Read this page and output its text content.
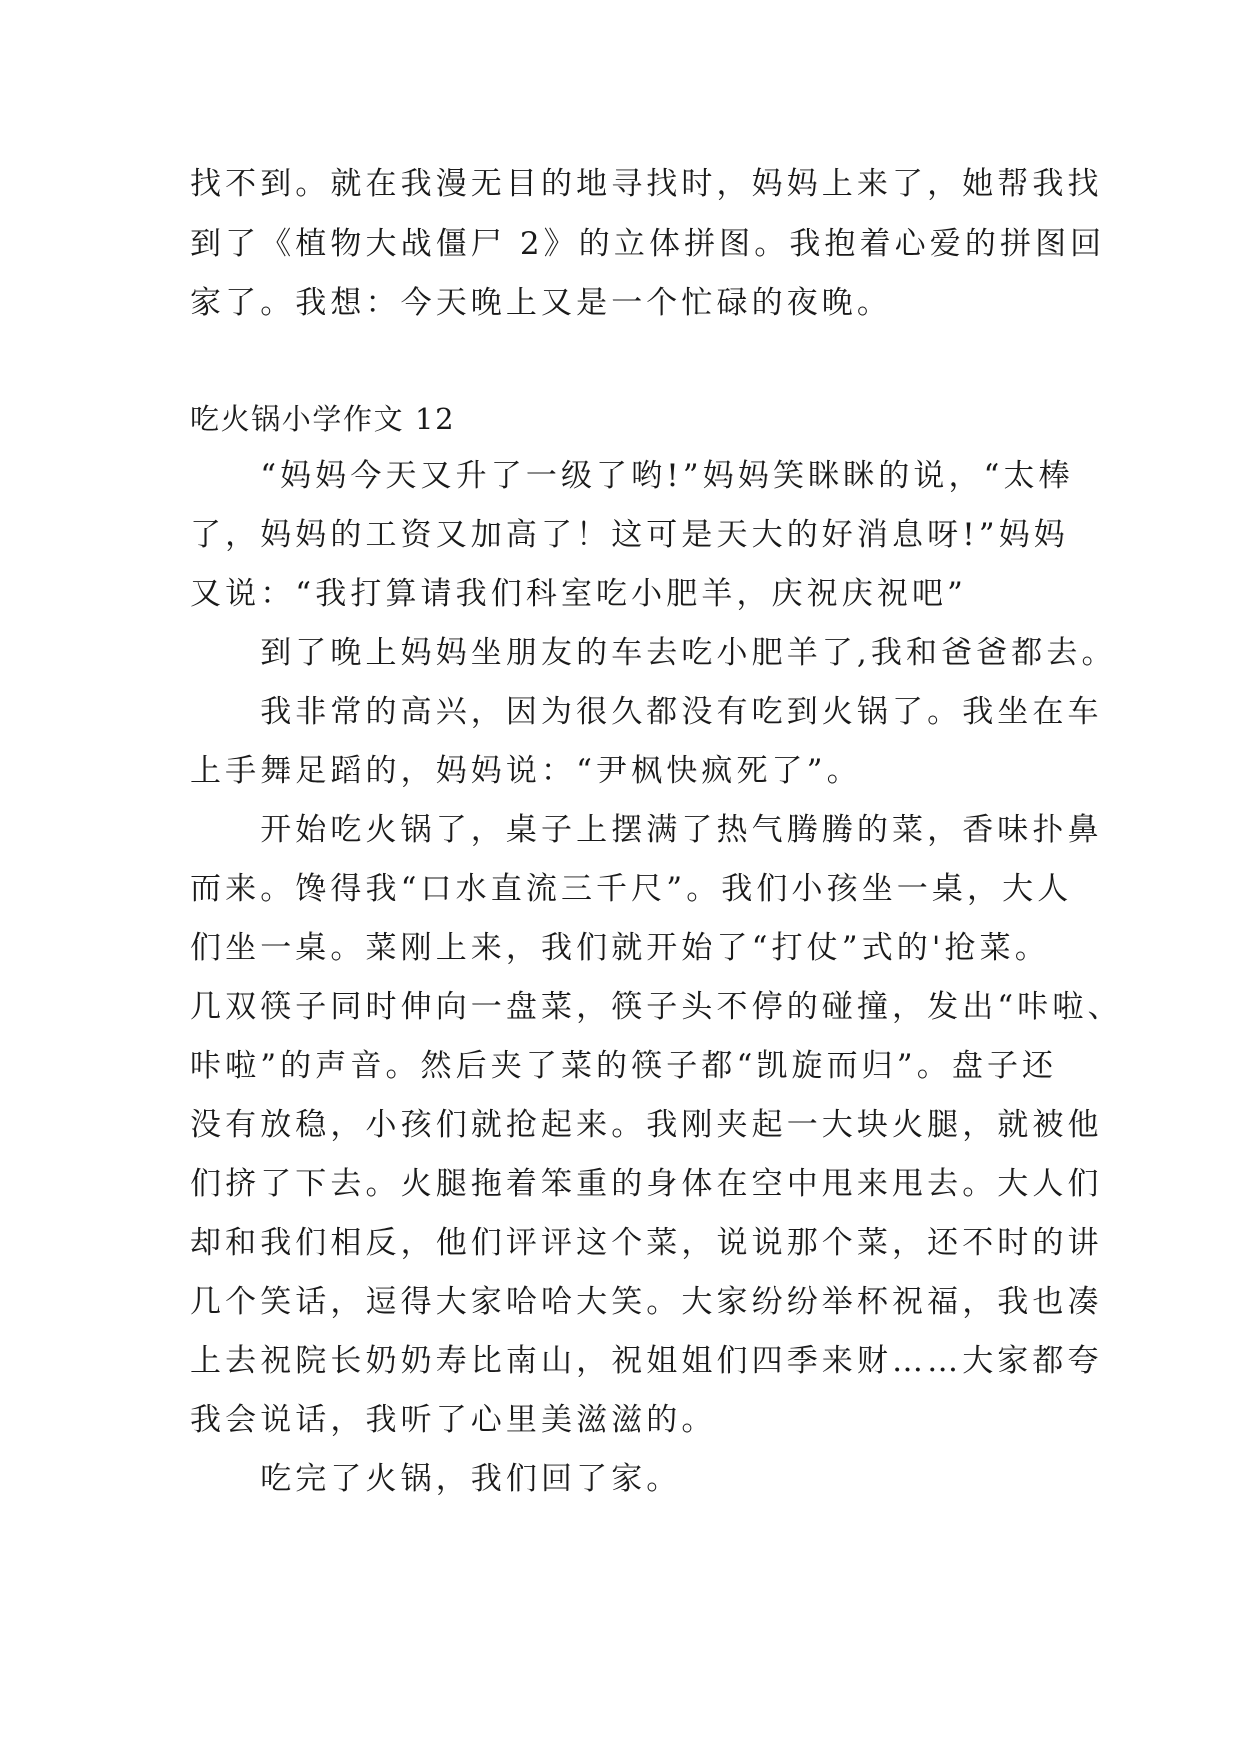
找不到。就在我漫无目的地寻找时，妈妈上来了，她帮我找
到了《植物大战僵尸 2》的立体拼图。我抱着心爱的拼图回
家了。我想：今天晚上又是一个忙碌的夜晚。
吃火锅小学作文 12
　　“妈妈今天又升了一级了哟!”妈妈笑眯眯的说，“太棒
了，妈妈的工资又加高了！这可是天大的好消息呀!”妈妈
又说：“我打算请我们科室吃小肥羊，庆祝庆祝吧”
　　到了晚上妈妈坐朋友的车去吃小肥羊了,我和爸爸都去。
　　我非常的高兴，因为很久都没有吃到火锅了。我坐在车
上手舞足蹈的，妈妈说：“尹枫快疯死了”。
　　开始吃火锅了，桌子上摆满了热气腾腾的菜，香味扑鼻
而来。馋得我“口水直流三千尺”。我们小孩坐一桌，大人
们坐一桌。菜刚上来，我们就开始了“打仗”式的'抢菜。
几双筷子同时伸向一盘菜，筷子头不停的碰撞，发出“咔啦、
咔啦”的声音。然后夹了菜的筷子都“凯旋而归”。盘子还
没有放稳，小孩们就抢起来。我刚夹起一大块火腿，就被他
们挤了下去。火腿拖着笨重的身体在空中甩来甩去。大人们
却和我们相反，他们评评这个菜，说说那个菜，还不时的讲
几个笑话，逗得大家哈哈大笑。大家纷纷举杯祝福，我也凑
上去祝院长奶奶寿比南山，祝姐姐们四季来财……大家都夸
我会说话，我听了心里美滋滋的。
　　吃完了火锅，我们回了家。
